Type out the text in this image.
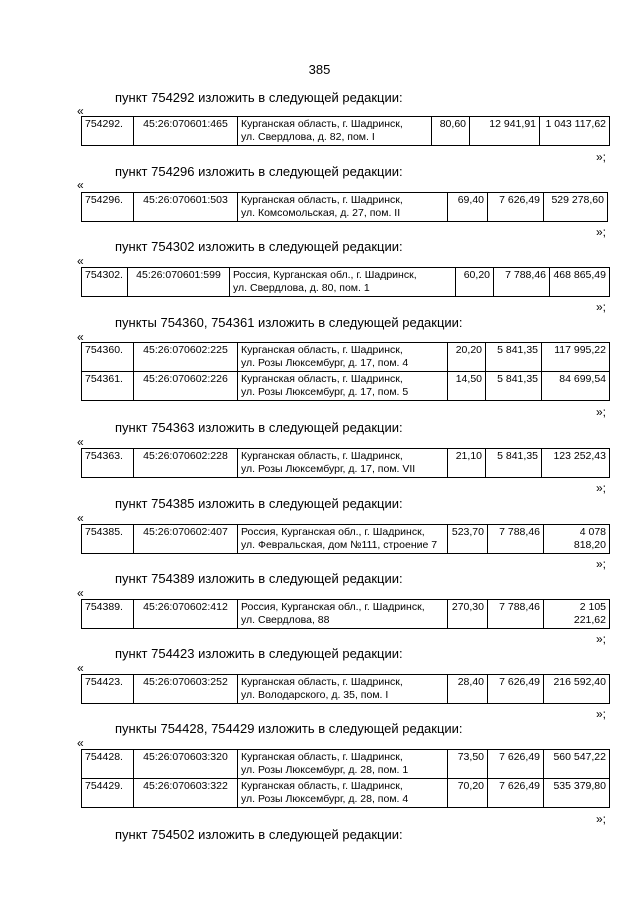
385
пункт 754292 изложить в следующей редакции:
«
754292.	45:26:070601:465	Курганская область, г. Шадринск,
ул. Свердлова, д. 82, пом. I	80,60	12 941,91	1 043 117,62
»;
пункт 754296 изложить в следующей редакции:
«
754296.	45:26:070601:503	Курганская область, г. Шадринск,
ул. Комсомольская, д. 27, пом. II	69,40	7 626,49	529 278,60
»;
пункт 754302 изложить в следующей редакции:
«
754302.	45:26:070601:599	Россия, Курганская обл., г. Шадринск,
ул. Свердлова, д. 80, пом. 1	60,20	7 788,46	468 865,49
»;
пункты 754360, 754361 изложить в следующей редакции:
«
754360.	45:26:070602:225	Курганская область, г. Шадринск,
ул. Розы Люксембург, д. 17, пом. 4	20,20	5 841,35	117 995,22
754361.	45:26:070602:226	Курганская область, г. Шадринск,
ул. Розы Люксембург, д. 17, пом. 5	14,50	5 841,35	84 699,54
»;
пункт 754363 изложить в следующей редакции:
«
754363.	45:26:070602:228	Курганская область, г. Шадринск,
ул. Розы Люксембург, д. 17, пом. VII	21,10	5 841,35	123 252,43
»;
пункт 754385 изложить в следующей редакции:
«
754385.	45:26:070602:407	Россия, Курганская обл., г. Шадринск,
ул. Февральская, дом №111, строение 7	523,70	7 788,46	4 078 818,20
»;
пункт 754389 изложить в следующей редакции:
«
754389.	45:26:070602:412	Россия, Курганская обл., г. Шадринск,
ул. Свердлова, 88	270,30	7 788,46	2 105 221,62
»;
пункт 754423 изложить в следующей редакции:
«
754423.	45:26:070603:252	Курганская область, г. Шадринск,
ул. Володарского, д. 35, пом. I	28,40	7 626,49	216 592,40
»;
пункты 754428, 754429 изложить в следующей редакции:
«
754428.	45:26:070603:320	Курганская область, г. Шадринск,
ул. Розы Люксембург, д. 28, пом. 1	73,50	7 626,49	560 547,22
754429.	45:26:070603:322	Курганская область, г. Шадринск,
ул. Розы Люксембург, д. 28, пом. 4	70,20	7 626,49	535 379,80
»;
пункт 754502 изложить в следующей редакции:
